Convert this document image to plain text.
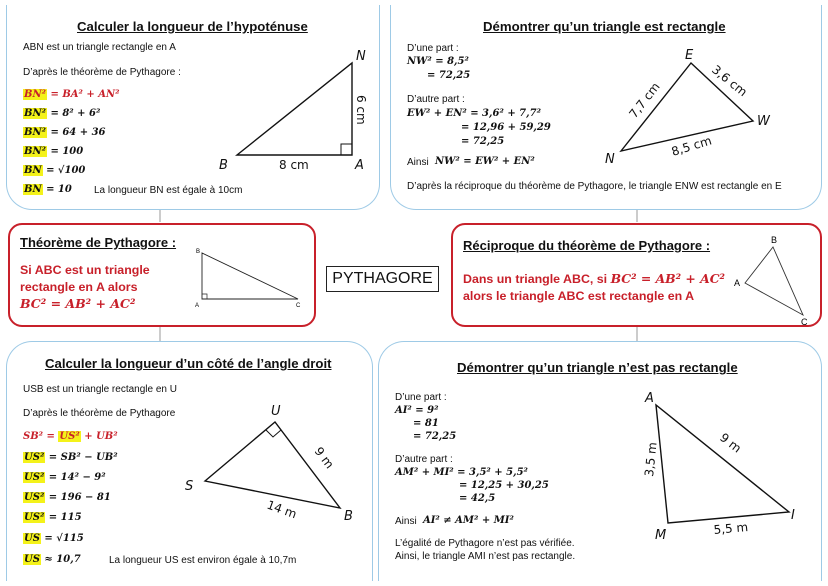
PYTHAGORE
Calculer la longueur de l’hypoténuse
ABN est un triangle rectangle en A
D’après le théorème de Pythagore :
BN² = BA² + AN²
BN² = 8² + 6²
BN² = 64 + 36
BN² = 100
BN = √100
BN = 10 La longueur BN est égale à 10cm
B	A
N
8 cm
6 cm
Démontrer qu’un triangle est rectangle
D’une part :
NW² = 8,5²
= 72,25
D’autre part :
EW² + EN² = 3,6² + 7,7²
= 12,96 + 59,29
= 72,25
Ainsi NW² = EW² + EN²
D’après la réciproque du théorème de Pythagore, le triangle ENW est rectangle en E
E
N
W
3,6 cm
7,7 cm
8,5 cm
Théorème de Pythagore :
Si ABC est un triangle
rectangle en A alors
BC² = AB² + AC²
B
A	C
Réciproque du théorème de Pythagore :
Dans un triangle ABC, si BC² = AB² + AC²
alors le triangle ABC est rectangle en A
B
A
C
Calculer la longueur d’un côté de l’angle droit
USB est un triangle rectangle en U
D’après le théorème de Pythagore
SB² = US² + UB²
US² = SB² − UB²
US² = 14² − 9²
US² = 196 − 81
US² = 115
US = √115
US ≈ 10,7	La longueur US est environ égale à 10,7m
U
S
B
9 m
14 m
Démontrer qu’un triangle n’est pas rectangle
D’une part :
AI² = 9²
= 81
= 72,25
D’autre part :
AM² + MI² = 3,5² + 5,5²
= 12,25 + 30,25
= 42,5
Ainsi AI² ≠ AM² + MI²
L’égalité de Pythagore n’est pas vérifiée.
Ainsi, le triangle AMI n’est pas rectangle.
A
M
I
9 m
3,5 m
5,5 m
